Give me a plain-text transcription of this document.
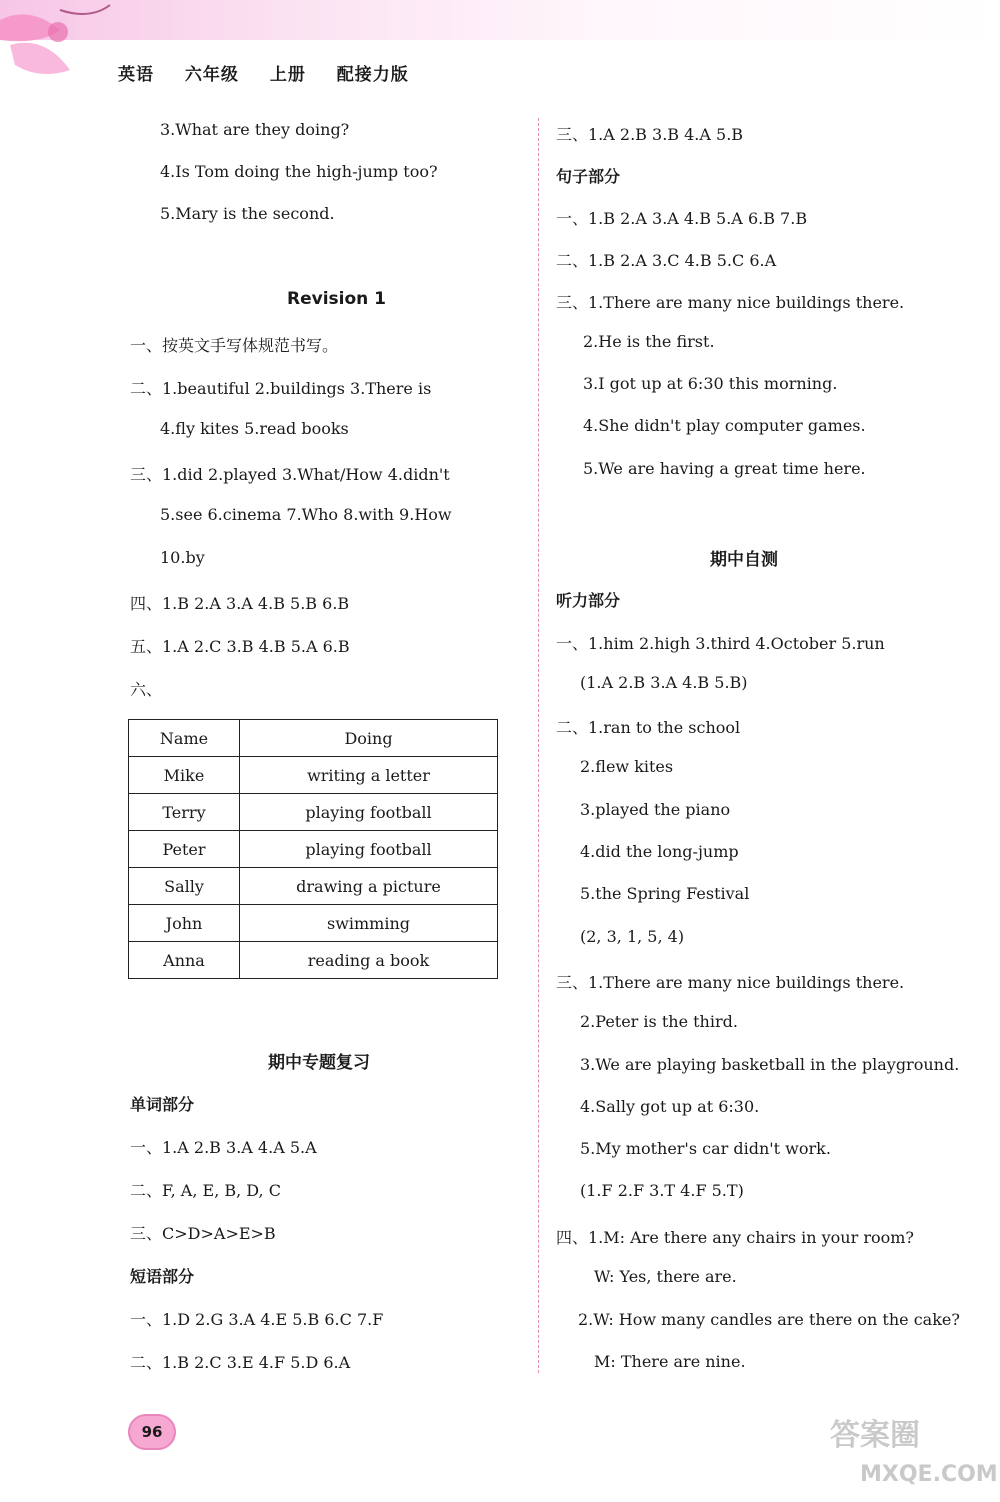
英语 六年级 上册 配接力版
3.What are they doing?
4.Is Tom doing the high-jump too?
5.Mary is the second.
Revision 1
一、按英文手写体规范书写。
二、1.beautiful 2.buildings 3.There is
4.fly kites 5.read books
三、1.did 2.played 3.What/How 4.didn't
5.see 6.cinema 7.Who 8.with 9.How
10.by
四、1.B 2.A 3.A 4.B 5.B 6.B
五、1.A 2.C 3.B 4.B 5.A 6.B
六、
Name	Doing
Mike	writing a letter
Terry	playing football
Peter	playing football
Sally	drawing a picture
John	swimming
Anna	reading a book
期中专题复习
单词部分
一、1.A 2.B 3.A 4.A 5.A
二、F, A, E, B, D, C
三、C>D>A>E>B
短语部分
一、1.D 2.G 3.A 4.E 5.B 6.C 7.F
二、1.B 2.C 3.E 4.F 5.D 6.A
三、1.A 2.B 3.B 4.A 5.B
句子部分
一、1.B 2.A 3.A 4.B 5.A 6.B 7.B
二、1.B 2.A 3.C 4.B 5.C 6.A
三、1.There are many nice buildings there.
2.He is the first.
3.I got up at 6:30 this morning.
4.She didn't play computer games.
5.We are having a great time here.
期中自测
听力部分
一、1.him 2.high 3.third 4.October 5.run
(1.A 2.B 3.A 4.B 5.B)
二、1.ran to the school
2.flew kites
3.played the piano
4.did the long-jump
5.the Spring Festival
(2, 3, 1, 5, 4)
三、1.There are many nice buildings there.
2.Peter is the third.
3.We are playing basketball in the playground.
4.Sally got up at 6:30.
5.My mother's car didn't work.
(1.F 2.F 3.T 4.F 5.T)
四、1.M: Are there any chairs in your room?
W: Yes, there are.
2.W: How many candles are there on the cake?
M: There are nine.
96	答案圈
MXQE.COM
